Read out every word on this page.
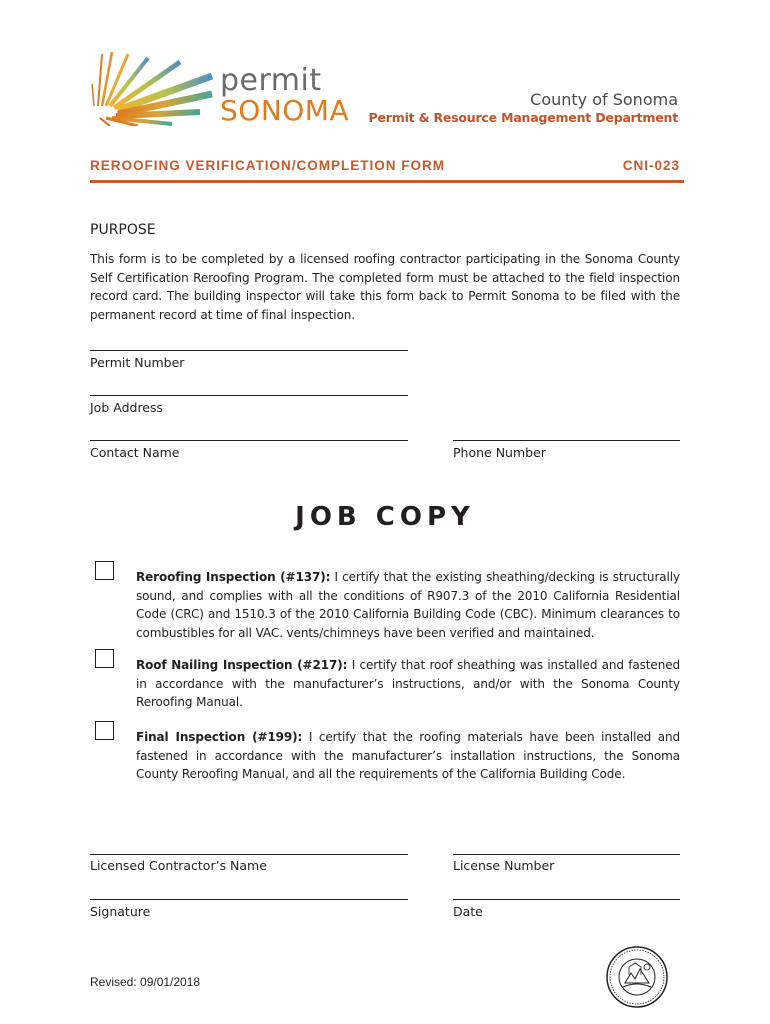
permit
SONOMA	County of Sonoma
Permit & Resource Management Department
REROOFING VERIFICATION/COMPLETION FORM	CNI-023
PURPOSE
This form is to be completed by a licensed roofing contractor participating in the Sonoma County Self Certification Reroofing Program. The completed form must be attached to the field inspection record card. The building inspector will take this form back to Permit Sonoma to be filed with the permanent record at time of final inspection.
Permit Number
Job Address
Contact Name	Phone Number
JOB COPY
Reroofing Inspection (#137): I certify that the existing sheathing/decking is structurally sound, and complies with all the conditions of R907.3 of the 2010 California Residential Code (CRC) and 1510.3 of the 2010 California Building Code (CBC). Minimum clearances to combustibles for all VAC. vents/chimneys have been verified and maintained.
Roof Nailing Inspection (#217): I certify that roof sheathing was installed and fastened in accordance with the manufacturer’s instructions, and/or with the Sonoma County Reroofing Manual.
Final Inspection (#199): I certify that the roofing materials have been installed and fastened in accordance with the manufacturer’s installation instructions, the Sonoma County Reroofing Manual, and all the requirements of the California Building Code.
Licensed Contractor’s Name	License Number
Signature	Date
Revised: 09/01/2018
